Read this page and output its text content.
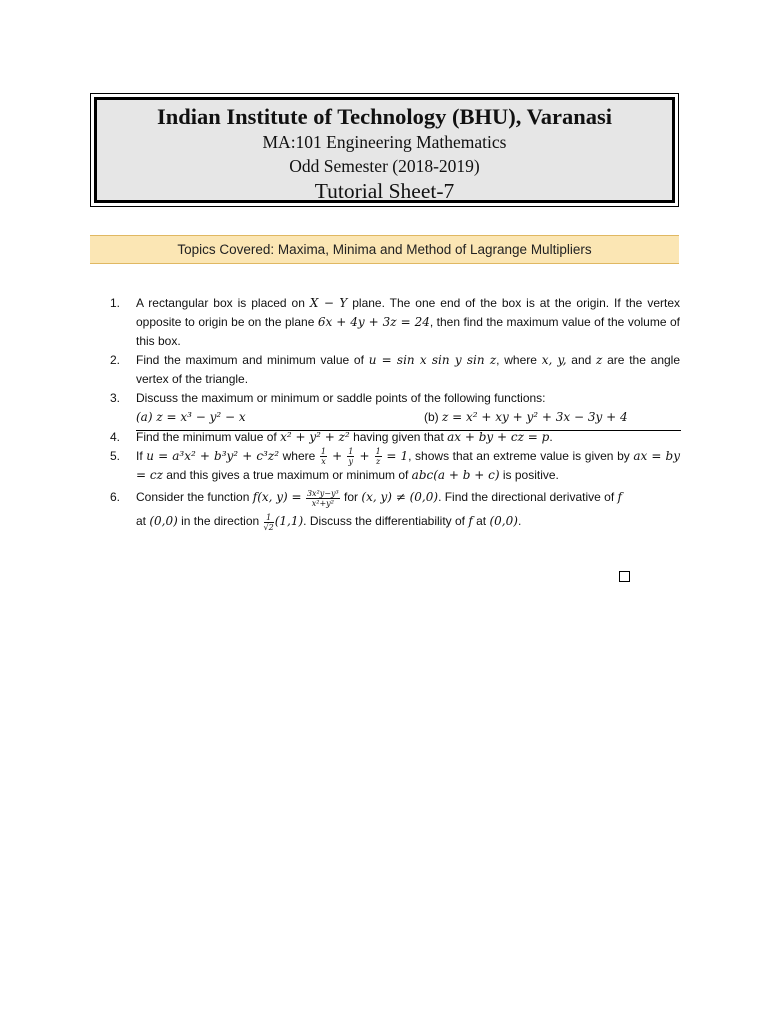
Indian Institute of Technology (BHU), Varanasi
MA:101 Engineering Mathematics
Odd Semester (2018-2019)
Tutorial Sheet-7
Topics Covered: Maxima, Minima and Method of Lagrange Multipliers
1. A rectangular box is placed on X − Y plane. The one end of the box is at the origin. If the vertex opposite to origin be on the plane 6x + 4y + 3z = 24, then find the maximum value of the volume of this box.
2. Find the maximum and minimum value of u = sin x sin y sin z, where x, y, and z are the angle vertex of the triangle.
3. Discuss the maximum or minimum or saddle points of the following functions:
(a) z = x³ − y² − x	(b) z = x² + xy + y² + 3x − 3y + 4
4. Find the minimum value of x² + y² + z² having given that ax + by + cz = p.
5. If u = a³x² + b³y² + c³z² where $\frac{1}{x} + \frac{1}{y} + \frac{1}{z} = 1$, shows that an extreme value is given by ax = by = cz and this gives a true maximum or minimum of abc(a + b + c) is positive.
6. Consider the function f(x, $y) = \frac{\text{3x²y−y³}}{\text{x²+y²}}$ for (x, y) ≠ (0,0). Find the directional derivative of f
at (0,0) in the direction $\frac{1}{√2} (1,1)$. Discuss the differentiability of f at (0,0).
